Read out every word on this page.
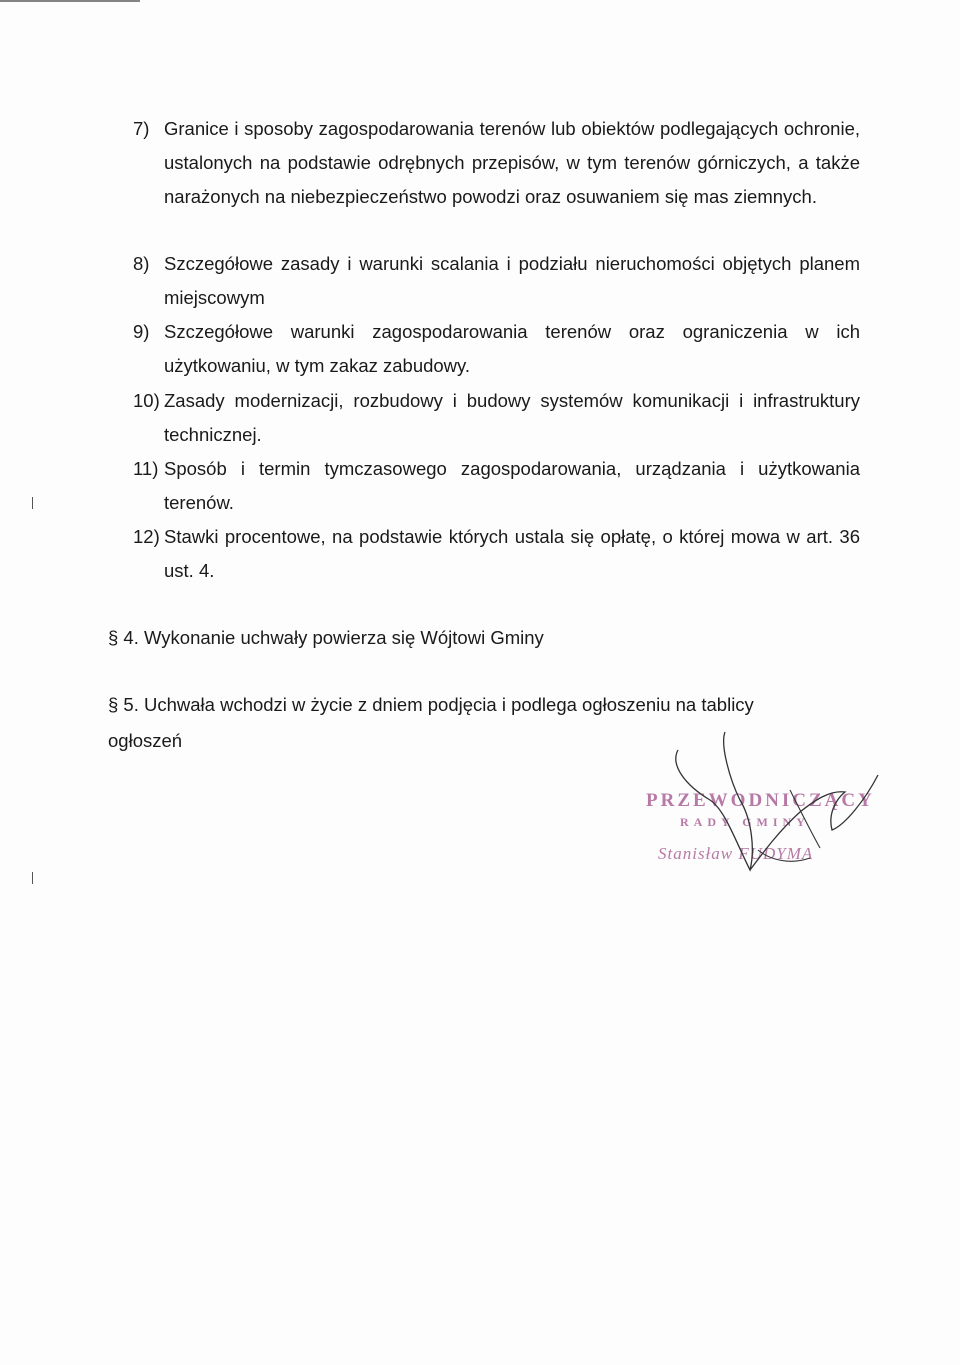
7) Granice i sposoby zagospodarowania terenów lub obiektów podlegających ochronie, ustalonych na podstawie odrębnych przepisów, w tym terenów górniczych, a także narażonych na niebezpieczeństwo powodzi oraz osuwaniem się mas ziemnych.
8) Szczegółowe zasady i warunki scalania i podziału nieruchomości objętych planem miejscowym
9) Szczegółowe warunki zagospodarowania terenów oraz ograniczenia w ich użytkowaniu, w tym zakaz zabudowy.
10) Zasady modernizacji, rozbudowy i budowy systemów komunikacji i infrastruktury technicznej.
11) Sposób i termin tymczasowego zagospodarowania, urządzania i użytkowania terenów.
12) Stawki procentowe, na podstawie których ustala się opłatę, o której mowa w art. 36 ust. 4.
§ 4. Wykonanie uchwały powierza się Wójtowi Gminy
§ 5. Uchwała wchodzi w życie z dniem podjęcia i podlega ogłoszeniu na tablicy ogłoszeń
PRZEWODNICZĄCY
RADY GMINY
Stanisław FUDYMA
